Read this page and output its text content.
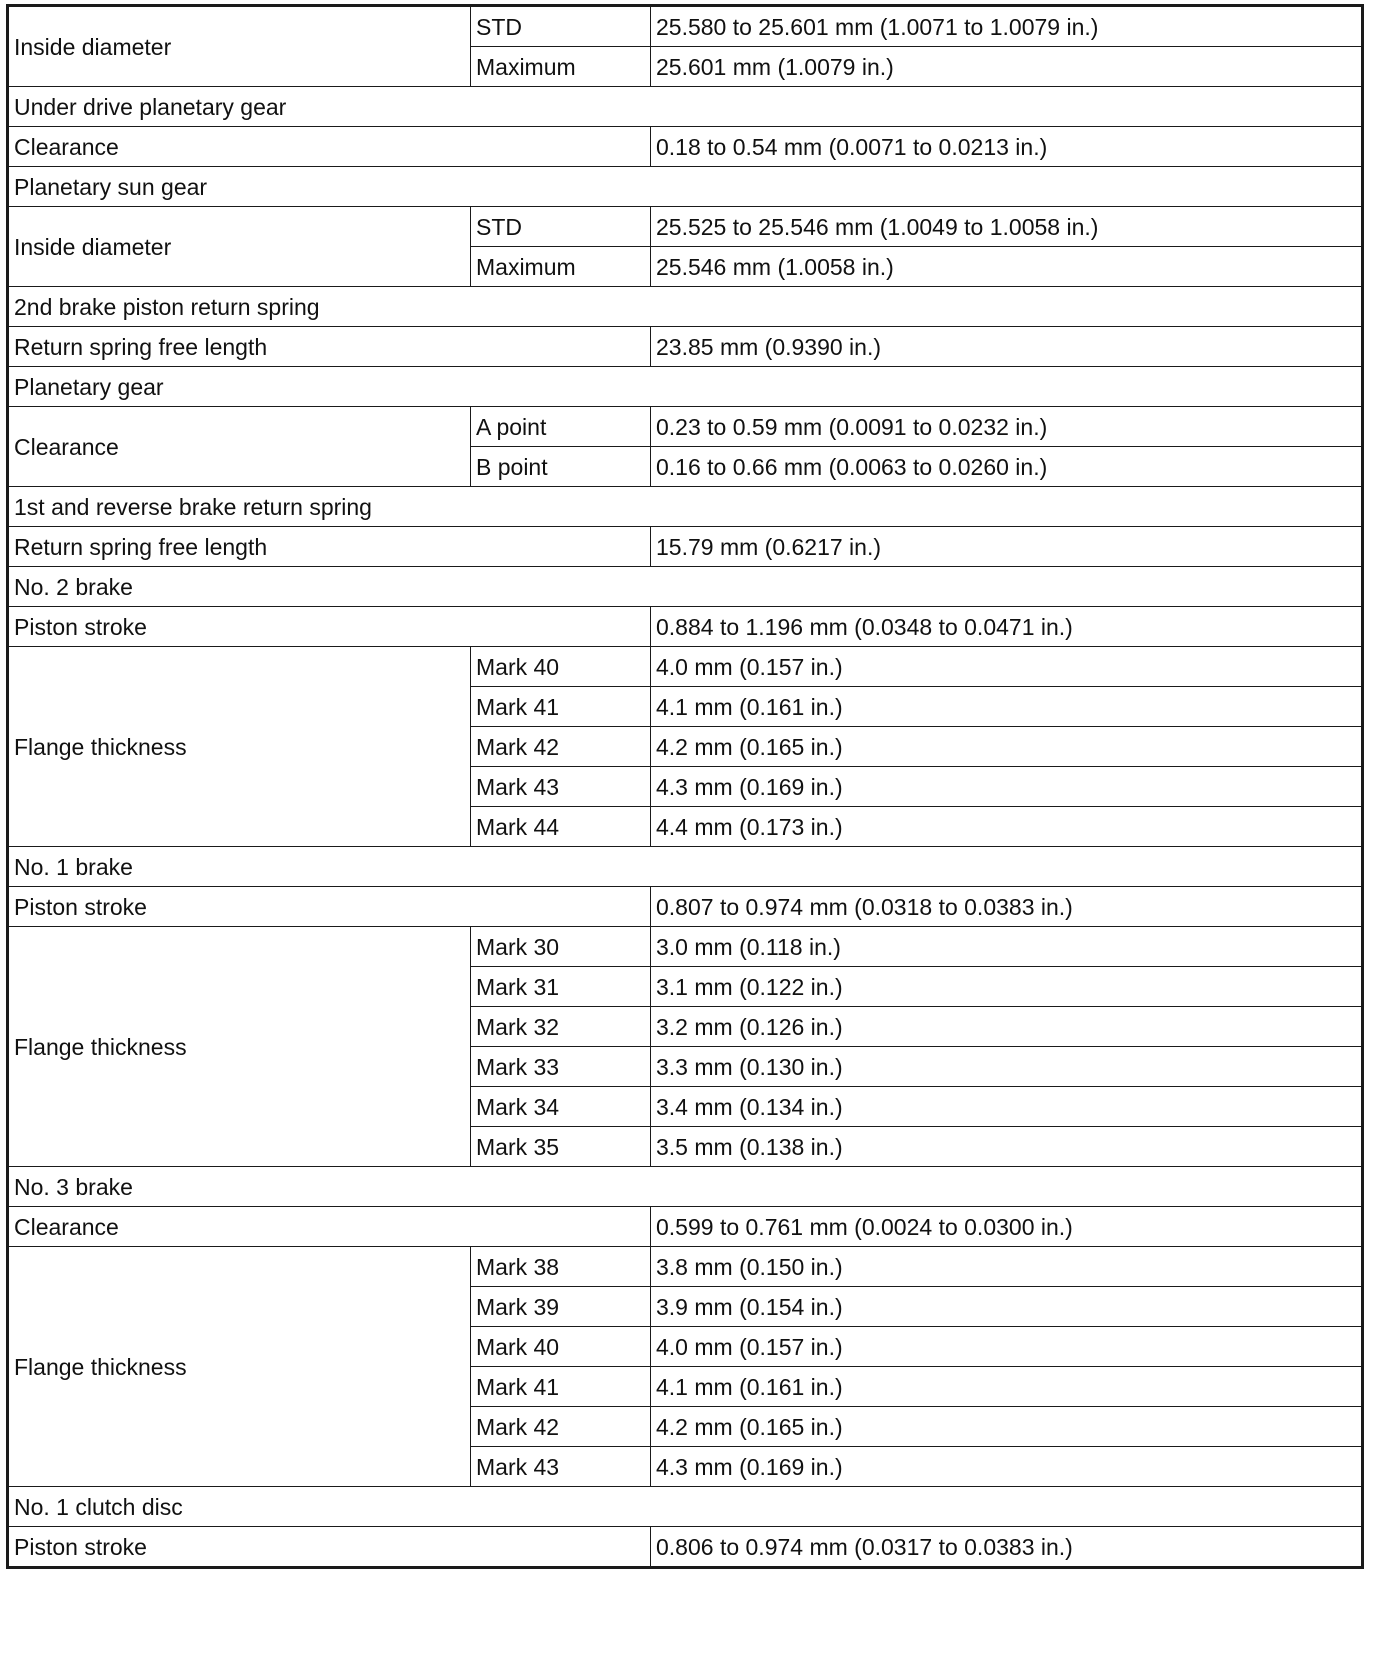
Inside diameter	STD	25.580 to 25.601 mm (1.0071 to 1.0079 in.)
	Maximum	25.601 mm (1.0079 in.)
Under drive planetary gear		
Clearance		0.18 to 0.54 mm (0.0071 to 0.0213 in.)
Planetary sun gear		
Inside diameter	STD	25.525 to 25.546 mm (1.0049 to 1.0058 in.)
	Maximum	25.546 mm (1.0058 in.)
2nd brake piston return spring		
Return spring free length		23.85 mm (0.9390 in.)
Planetary gear		
Clearance	A point	0.23 to 0.59 mm (0.0091 to 0.0232 in.)
	B point	0.16 to 0.66 mm (0.0063 to 0.0260 in.)
1st and reverse brake return spring		
Return spring free length		15.79 mm (0.6217 in.)
No. 2 brake		
Piston stroke		0.884 to 1.196 mm (0.0348 to 0.0471 in.)
Flange thickness	Mark 40	4.0 mm (0.157 in.)
	Mark 41	4.1 mm (0.161 in.)
	Mark 42	4.2 mm (0.165 in.)
	Mark 43	4.3 mm (0.169 in.)
	Mark 44	4.4 mm (0.173 in.)
No. 1 brake		
Piston stroke		0.807 to 0.974 mm (0.0318 to 0.0383 in.)
Flange thickness	Mark 30	3.0 mm (0.118 in.)
	Mark 31	3.1 mm (0.122 in.)
	Mark 32	3.2 mm (0.126 in.)
	Mark 33	3.3 mm (0.130 in.)
	Mark 34	3.4 mm (0.134 in.)
	Mark 35	3.5 mm (0.138 in.)
No. 3 brake		
Clearance		0.599 to 0.761 mm (0.0024 to 0.0300 in.)
Flange thickness	Mark 38	3.8 mm (0.150 in.)
	Mark 39	3.9 mm (0.154 in.)
	Mark 40	4.0 mm (0.157 in.)
	Mark 41	4.1 mm (0.161 in.)
	Mark 42	4.2 mm (0.165 in.)
	Mark 43	4.3 mm (0.169 in.)
No. 1 clutch disc		
Piston stroke		0.806 to 0.974 mm (0.0317 to 0.0383 in.)
